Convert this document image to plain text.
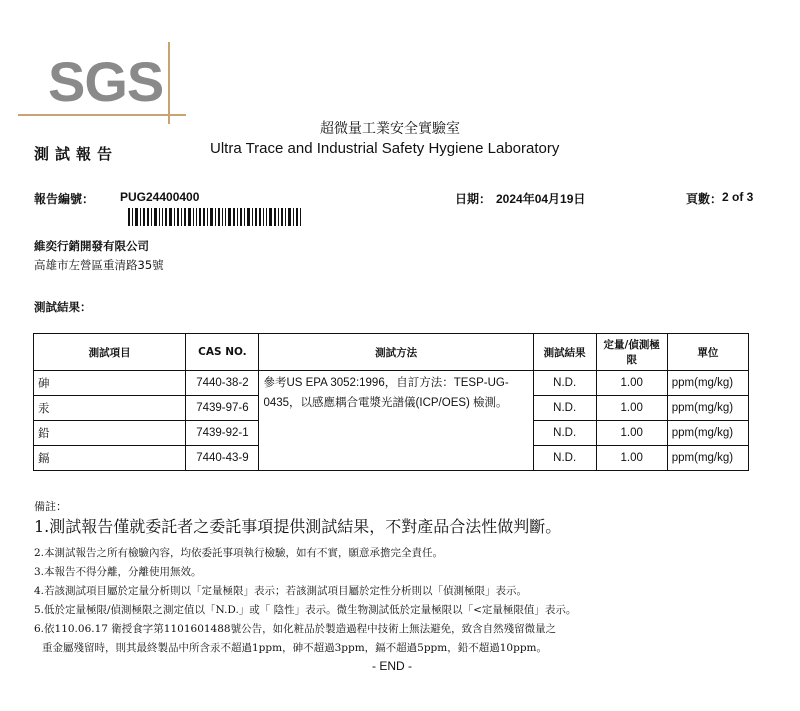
SGS
超微量工業安全實驗室
測試報告	Ultra Trace and Industrial Safety Hygiene Laboratory
報告編號： PUG24400400	日期： 2024年04月19日	頁數： 2 of 3
維奕行銷開發有限公司
高雄市左營區重清路35號
測試結果：
測試項目	CAS NO.	測試方法	測試結果	定量/偵測極限	單位
砷	7440-38-2	參考US EPA 3052:1996，自訂方法：TESP-UG-0435，以感應耦合電漿光譜儀(ICP/OES) 檢測。	N.D.	1.00	ppm(mg/kg)
汞	7439-97-6		N.D.	1.00	ppm(mg/kg)
鉛	7439-92-1		N.D.	1.00	ppm(mg/kg)
鎘	7440-43-9		N.D.	1.00	ppm(mg/kg)
備註：
1.測試報告僅就委託者之委託事項提供測試結果，不對產品合法性做判斷。
2.本測試報告之所有檢驗內容，均依委託事項執行檢驗，如有不實，願意承擔完全責任。
3.本報告不得分離，分離使用無效。
4.若該測試項目屬於定量分析則以「定量極限」表示；若該測試項目屬於定性分析則以「偵測極限」表示。
5.低於定量極限/偵測極限之測定值以「N.D.」或「 陰性」表示。微生物測試低於定量極限以「<定量極限值」表示。
6.依110.06.17 衛授食字第1101601488號公告，如化粧品於製造過程中技術上無法避免，致含自然殘留微量之
重金屬殘留時，則其最終製品中所含汞不超過1ppm，砷不超過3ppm，鎘不超過5ppm，鉛不超過10ppm。
- END -
